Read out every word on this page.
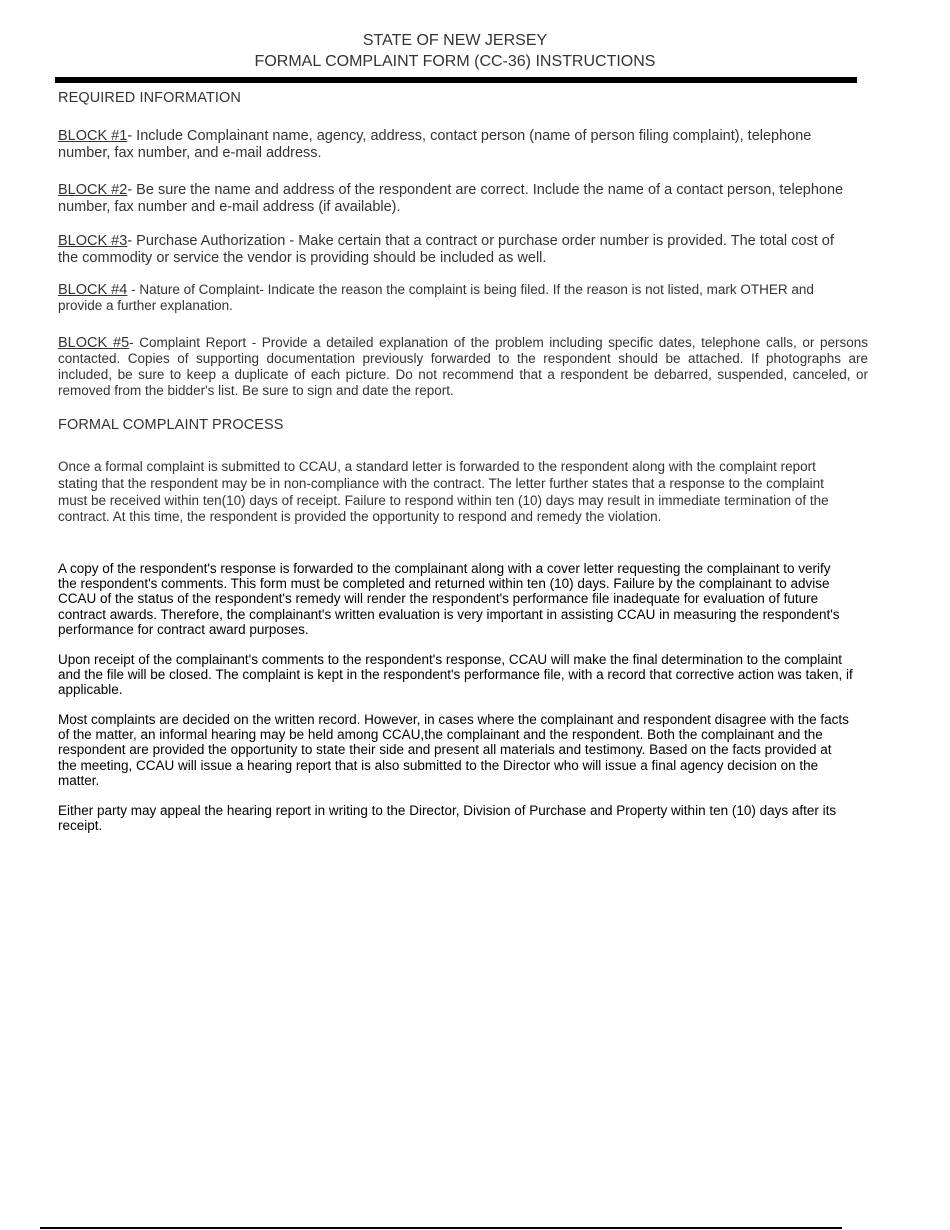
STATE OF NEW JERSEY
FORMAL COMPLAINT FORM (CC-36) INSTRUCTIONS
REQUIRED INFORMATION
BLOCK #1- Include Complainant name, agency, address, contact person (name of person filing complaint), telephone number, fax number, and e-mail address.
BLOCK #2- Be sure the name and address of the respondent are correct. Include the name of a contact person, telephone number, fax number and e-mail address (if available).
BLOCK #3- Purchase Authorization - Make certain that a contract or purchase order number is provided. The total cost of the commodity or service the vendor is providing should be included as well.
BLOCK #4 - Nature of Complaint- Indicate the reason the complaint is being filed. If the reason is not listed, mark OTHER and provide a further explanation.
BLOCK #5- Complaint Report - Provide a detailed explanation of the problem including specific dates, telephone calls, or persons contacted. Copies of supporting documentation previously forwarded to the respondent should be attached. If photographs are included, be sure to keep a duplicate of each picture. Do not recommend that a respondent be debarred, suspended, canceled, or removed from the bidder's list. Be sure to sign and date the report.
FORMAL COMPLAINT PROCESS
Once a formal complaint is submitted to CCAU, a standard letter is forwarded to the respondent along with the complaint report stating that the respondent may be in non-compliance with the contract. The letter further states that a response to the complaint must be received within ten(10) days of receipt. Failure to respond within ten (10) days may result in immediate termination of the contract. At this time, the respondent is provided the opportunity to respond and remedy the violation.
A copy of the respondent's response is forwarded to the complainant along with a cover letter requesting the complainant to verify the respondent's comments. This form must be completed and returned within ten (10) days. Failure by the complainant to advise CCAU of the status of the respondent's remedy will render the respondent's performance file inadequate for evaluation of future contract awards. Therefore, the complainant's written evaluation is very important in assisting CCAU in measuring the respondent's performance for contract award purposes.
Upon receipt of the complainant's comments to the respondent's response, CCAU will make the final determination to the complaint and the file will be closed. The complaint is kept in the respondent's performance file, with a record that corrective action was taken, if applicable.
Most complaints are decided on the written record. However, in cases where the complainant and respondent disagree with the facts of the matter, an informal hearing may be held among CCAU,the complainant and the respondent. Both the complainant and the respondent are provided the opportunity to state their side and present all materials and testimony. Based on the facts provided at the meeting, CCAU will issue a hearing report that is also submitted to the Director who will issue a final agency decision on the matter.
Either party may appeal the hearing report in writing to the Director, Division of Purchase and Property within ten (10) days after its receipt.
